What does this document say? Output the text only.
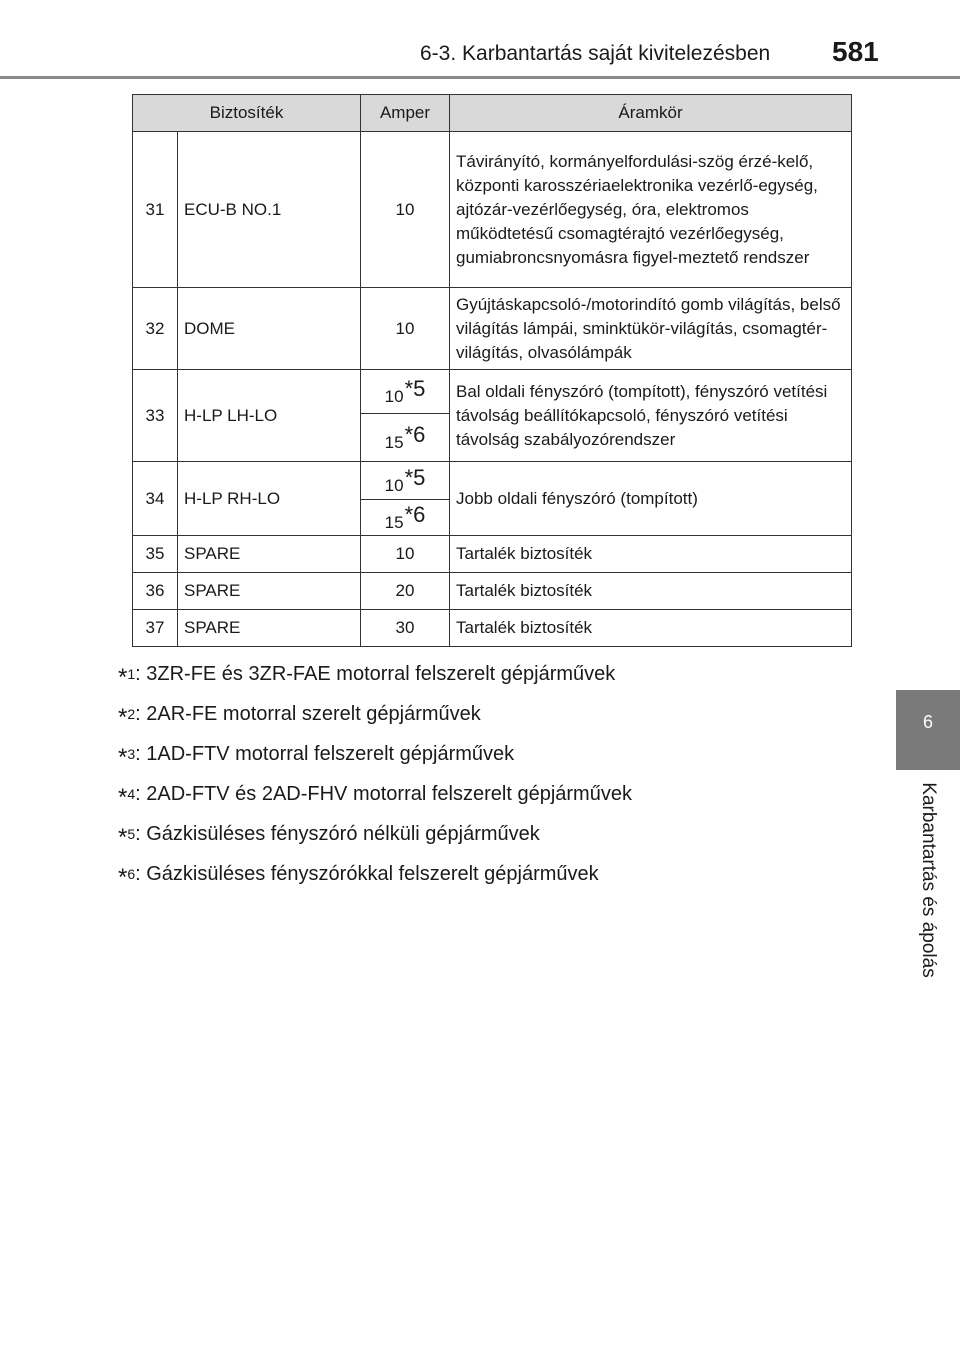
6-3. Karbantartás saját kivitelezésben 581
6
Karbantartás és ápolás
Biztosíték		Amper	Áramkör
31	ECU-B NO.1	10	Távirányító, kormányelfordulási-szög érzé-kelő, központi karosszériaelektronika vezérlő-egység, ajtózár-vezérlőegység, óra, elektromos működtetésű csomagtérajtó vezérlőegység, gumiabroncsnyomásra figyel-meztető rendszer
32	DOME	10	Gyújtáskapcsoló-/motorindító gomb világítás, belső világítás lámpái, sminktükör-világítás, csomagtér-világítás, olvasólámpák
33	H-LP LH-LO	10$^{*5}$	Bal oldali fényszóró (tompított), fényszóró vetítési távolság beállítókapcsoló, fényszóró vetítési távolság szabályozórendszer
		15$^{*6}$
34	H-LP RH-LO	10$^{*5}$	Jobb oldali fényszóró (tompított)
		15$^{*6}$
35	SPARE	10	Tartalék biztosíték
36	SPARE	20	Tartalék biztosíték
37	SPARE	30	Tartalék biztosíték
*$^1$ : 3ZR-FE és 3ZR-FAE motorral felszerelt gépjárművek
*$^2$ : 2AR-FE motorral szerelt gépjárművek
*$^3$ : 1AD-FTV motorral felszerelt gépjárművek
*$^4$ : 2AD-FTV és 2AD-FHV motorral felszerelt gépjárművek
*$^5$ : Gázkisüléses fényszóró nélküli gépjárművek
*$^6$ : Gázkisüléses fényszórókkal felszerelt gépjárművek
